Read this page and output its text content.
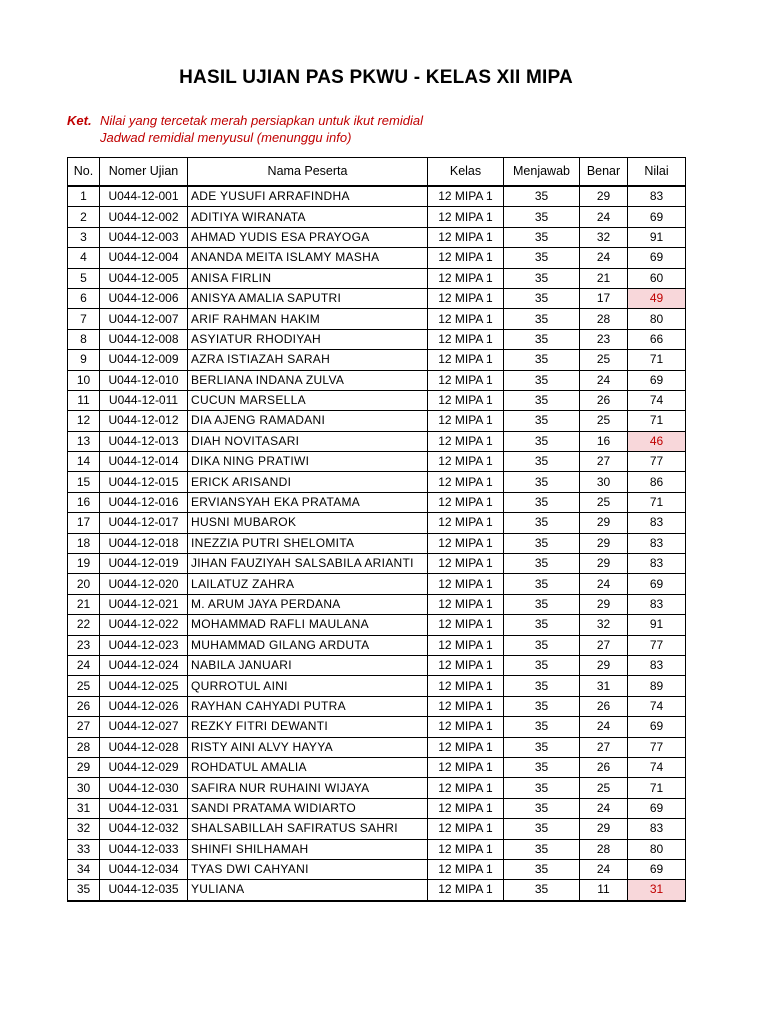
HASIL UJIAN PAS PKWU - KELAS XII MIPA
Ket. Nilai yang tercetak merah persiapkan untuk ikut remidial
Jadwad remidial menyusul (menunggu info)
No.	Nomer Ujian	Nama Peserta	Kelas	Menjawab	Benar	Nilai
1	U044-12-001	ADE YUSUFI ARRAFINDHA	12 MIPA 1	35	29	83
2	U044-12-002	ADITIYA WIRANATA	12 MIPA 1	35	24	69
3	U044-12-003	AHMAD YUDIS ESA PRAYOGA	12 MIPA 1	35	32	91
4	U044-12-004	ANANDA MEITA ISLAMY MASHA	12 MIPA 1	35	24	69
5	U044-12-005	ANISA FIRLIN	12 MIPA 1	35	21	60
6	U044-12-006	ANISYA AMALIA SAPUTRI	12 MIPA 1	35	17	49
7	U044-12-007	ARIF RAHMAN HAKIM	12 MIPA 1	35	28	80
8	U044-12-008	ASYIATUR RHODIYAH	12 MIPA 1	35	23	66
9	U044-12-009	AZRA ISTIAZAH SARAH	12 MIPA 1	35	25	71
10	U044-12-010	BERLIANA INDANA ZULVA	12 MIPA 1	35	24	69
11	U044-12-011	CUCUN MARSELLA	12 MIPA 1	35	26	74
12	U044-12-012	DIA AJENG RAMADANI	12 MIPA 1	35	25	71
13	U044-12-013	DIAH NOVITASARI	12 MIPA 1	35	16	46
14	U044-12-014	DIKA NING PRATIWI	12 MIPA 1	35	27	77
15	U044-12-015	ERICK ARISANDI	12 MIPA 1	35	30	86
16	U044-12-016	ERVIANSYAH EKA PRATAMA	12 MIPA 1	35	25	71
17	U044-12-017	HUSNI MUBAROK	12 MIPA 1	35	29	83
18	U044-12-018	INEZZIA PUTRI SHELOMITA	12 MIPA 1	35	29	83
19	U044-12-019	JIHAN FAUZIYAH SALSABILA ARIANTI	12 MIPA 1	35	29	83
20	U044-12-020	LAILATUZ ZAHRA	12 MIPA 1	35	24	69
21	U044-12-021	M. ARUM JAYA PERDANA	12 MIPA 1	35	29	83
22	U044-12-022	MOHAMMAD RAFLI MAULANA	12 MIPA 1	35	32	91
23	U044-12-023	MUHAMMAD GILANG ARDUTA	12 MIPA 1	35	27	77
24	U044-12-024	NABILA JANUARI	12 MIPA 1	35	29	83
25	U044-12-025	QURROTUL AINI	12 MIPA 1	35	31	89
26	U044-12-026	RAYHAN CAHYADI PUTRA	12 MIPA 1	35	26	74
27	U044-12-027	REZKY FITRI DEWANTI	12 MIPA 1	35	24	69
28	U044-12-028	RISTY AINI ALVY HAYYA	12 MIPA 1	35	27	77
29	U044-12-029	ROHDATUL AMALIA	12 MIPA 1	35	26	74
30	U044-12-030	SAFIRA NUR RUHAINI WIJAYA	12 MIPA 1	35	25	71
31	U044-12-031	SANDI PRATAMA WIDIARTO	12 MIPA 1	35	24	69
32	U044-12-032	SHALSABILLAH SAFIRATUS SAHRI	12 MIPA 1	35	29	83
33	U044-12-033	SHINFI SHILHAMAH	12 MIPA 1	35	28	80
34	U044-12-034	TYAS DWI CAHYANI	12 MIPA 1	35	24	69
35	U044-12-035	YULIANA	12 MIPA 1	35	11	31
